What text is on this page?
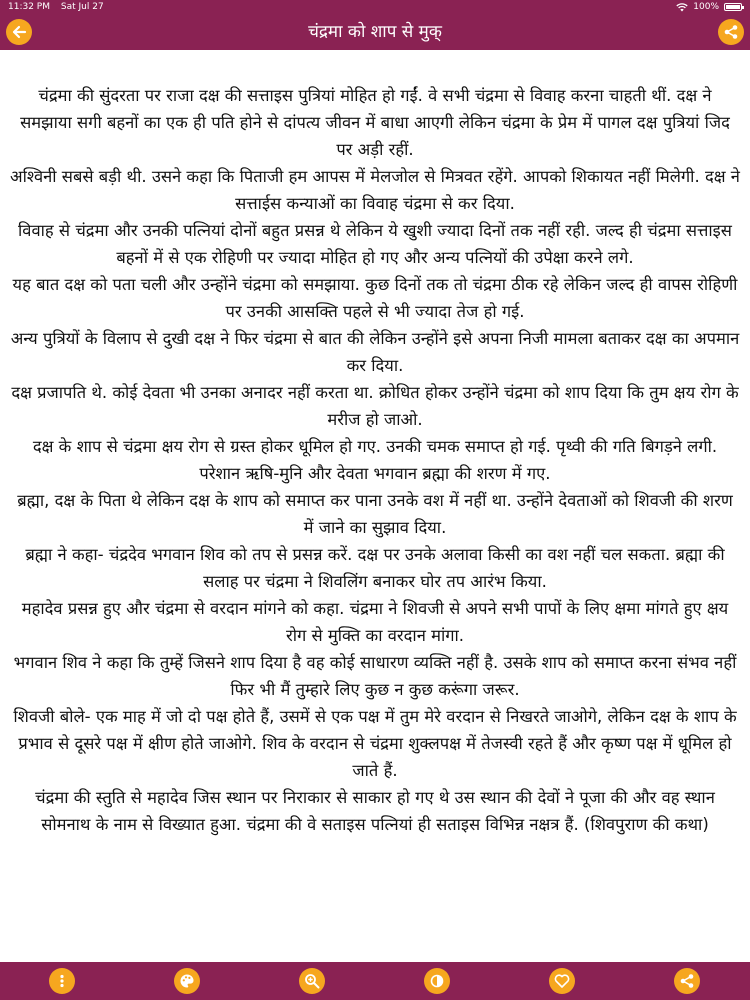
11:32 PM Sat Jul 27	100%
चंद्रमा को शाप से मुक्

चंद्रमा की सुंदरता पर राजा दक्ष की सत्ताइस पुत्रियां मोहित हो गईं. वे सभी चंद्रमा से विवाह करना चाहती थीं. दक्ष ने समझाया सगी बहनों का एक ही पति होने से दांपत्य जीवन में बाधा आएगी लेकिन चंद्रमा के प्रेम में पागल दक्ष पुत्रियां जिद पर अड़ी रहीं.

अश्विनी सबसे बड़ी थी. उसने कहा कि पिताजी हम आपस में मेलजोल से मित्रवत रहेंगे. आपको शिकायत नहीं मिलेगी. दक्ष ने सत्ताईस कन्याओं का विवाह चंद्रमा से कर दिया.

विवाह से चंद्रमा और उनकी पत्नियां दोनों बहुत प्रसन्न थे लेकिन ये खुशी ज्यादा दिनों तक नहीं रही. जल्द ही चंद्रमा सत्ताइस बहनों में से एक रोहिणी पर ज्यादा मोहित हो गए और अन्य पत्नियों की उपेक्षा करने लगे.

यह बात दक्ष को पता चली और उन्होंने चंद्रमा को समझाया. कुछ दिनों तक तो चंद्रमा ठीक रहे लेकिन जल्द ही वापस रोहिणी पर उनकी आसक्ति पहले से भी ज्यादा तेज हो गई.

अन्य पुत्रियों के विलाप से दुखी दक्ष ने फिर चंद्रमा से बात की लेकिन उन्होंने इसे अपना निजी मामला बताकर दक्ष का अपमान कर दिया.

दक्ष प्रजापति थे. कोई देवता भी उनका अनादर नहीं करता था. क्रोधित होकर उन्होंने चंद्रमा को शाप दिया कि तुम क्षय रोग के मरीज हो जाओ.

दक्ष के शाप से चंद्रमा क्षय रोग से ग्रस्त होकर धूमिल हो गए. उनकी चमक समाप्त हो गई. पृथ्वी की गति बिगड़ने लगी. परेशान ऋषि-मुनि और देवता भगवान ब्रह्मा की शरण में गए.

ब्रह्मा, दक्ष के पिता थे लेकिन दक्ष के शाप को समाप्त कर पाना उनके वश में नहीं था. उन्होंने देवताओं को शिवजी की शरण में जाने का सुझाव दिया.

ब्रह्मा ने कहा- चंद्रदेव भगवान शिव को तप से प्रसन्न करें. दक्ष पर उनके अलावा किसी का वश नहीं चल सकता. ब्रह्मा की सलाह पर चंद्रमा ने शिवलिंग बनाकर घोर तप आरंभ किया.

महादेव प्रसन्न हुए और चंद्रमा से वरदान मांगने को कहा. चंद्रमा ने शिवजी से अपने सभी पापों के लिए क्षमा मांगते हुए क्षय रोग से मुक्ति का वरदान मांगा.

भगवान शिव ने कहा कि तुम्हें जिसने शाप दिया है वह कोई साधारण व्यक्ति नहीं है. उसके शाप को समाप्त करना संभव नहीं फिर भी मैं तुम्हारे लिए कुछ न कुछ करूंगा जरूर.

शिवजी बोले- एक माह में जो दो पक्ष होते हैं, उसमें से एक पक्ष में तुम मेरे वरदान से निखरते जाओगे, लेकिन दक्ष के शाप के प्रभाव से दूसरे पक्ष में क्षीण होते जाओगे. शिव के वरदान से चंद्रमा शुक्लपक्ष में तेजस्वी रहते हैं और कृष्ण पक्ष में धूमिल हो जाते हैं.

चंद्रमा की स्तुति से महादेव जिस स्थान पर निराकार से साकार हो गए थे उस स्थान की देवों ने पूजा की और वह स्थान सोमनाथ के नाम से विख्यात हुआ. चंद्रमा की वे सताइस पत्नियां ही सताइस विभिन्न नक्षत्र हैं. (शिवपुराण की कथा)
